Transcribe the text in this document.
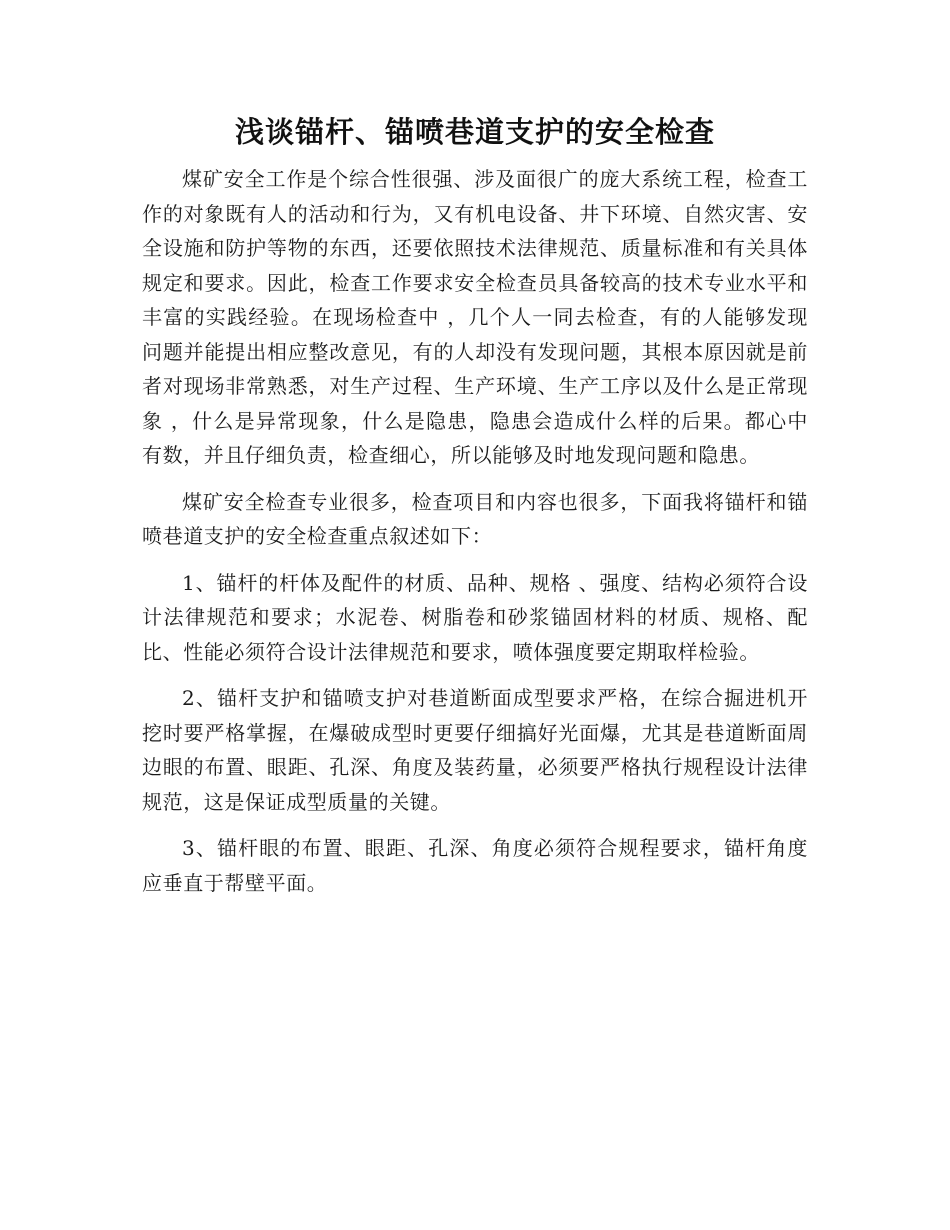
浅谈锚杆、锚喷巷道支护的安全检查

煤矿安全工作是个综合性很强、涉及面很广的庞大系统工程，检查工作的对象既有人的活动和行为，又有机电设备、井下环境、自然灾害、安全设施和防护等物的东西，还要依照技术法律规范、质量标准和有关具体规定和要求。因此，检查工作要求安全检查员具备较高的技术专业水平和丰富的实践经验。在现场检查中 ，几个人一同去检查，有的人能够发现问题并能提出相应整改意见，有的人却没有发现问题，其根本原因就是前者对现场非常熟悉，对生产过程、生产环境、生产工序以及什么是正常现象 ，什么是异常现象，什么是隐患，隐患会造成什么样的后果。都心中有数，并且仔细负责，检查细心，所以能够及时地发现问题和隐患。

煤矿安全检查专业很多，检查项目和内容也很多，下面我将锚杆和锚喷巷道支护的安全检查重点叙述如下：

1、锚杆的杆体及配件的材质、品种、规格 、强度、结构必须符合设计法律规范和要求；水泥卷、树脂卷和砂浆锚固材料的材质、规格、配比、性能必须符合设计法律规范和要求，喷体强度要定期取样检验。

2、锚杆支护和锚喷支护对巷道断面成型要求严格，在综合掘进机开挖时要严格掌握，在爆破成型时更要仔细搞好光面爆，尤其是巷道断面周边眼的布置、眼距、孔深、角度及装药量，必须要严格执行规程设计法律规范，这是保证成型质量的关键。

3、锚杆眼的布置、眼距、孔深、角度必须符合规程要求，锚杆角度应垂直于帮壁平面。
